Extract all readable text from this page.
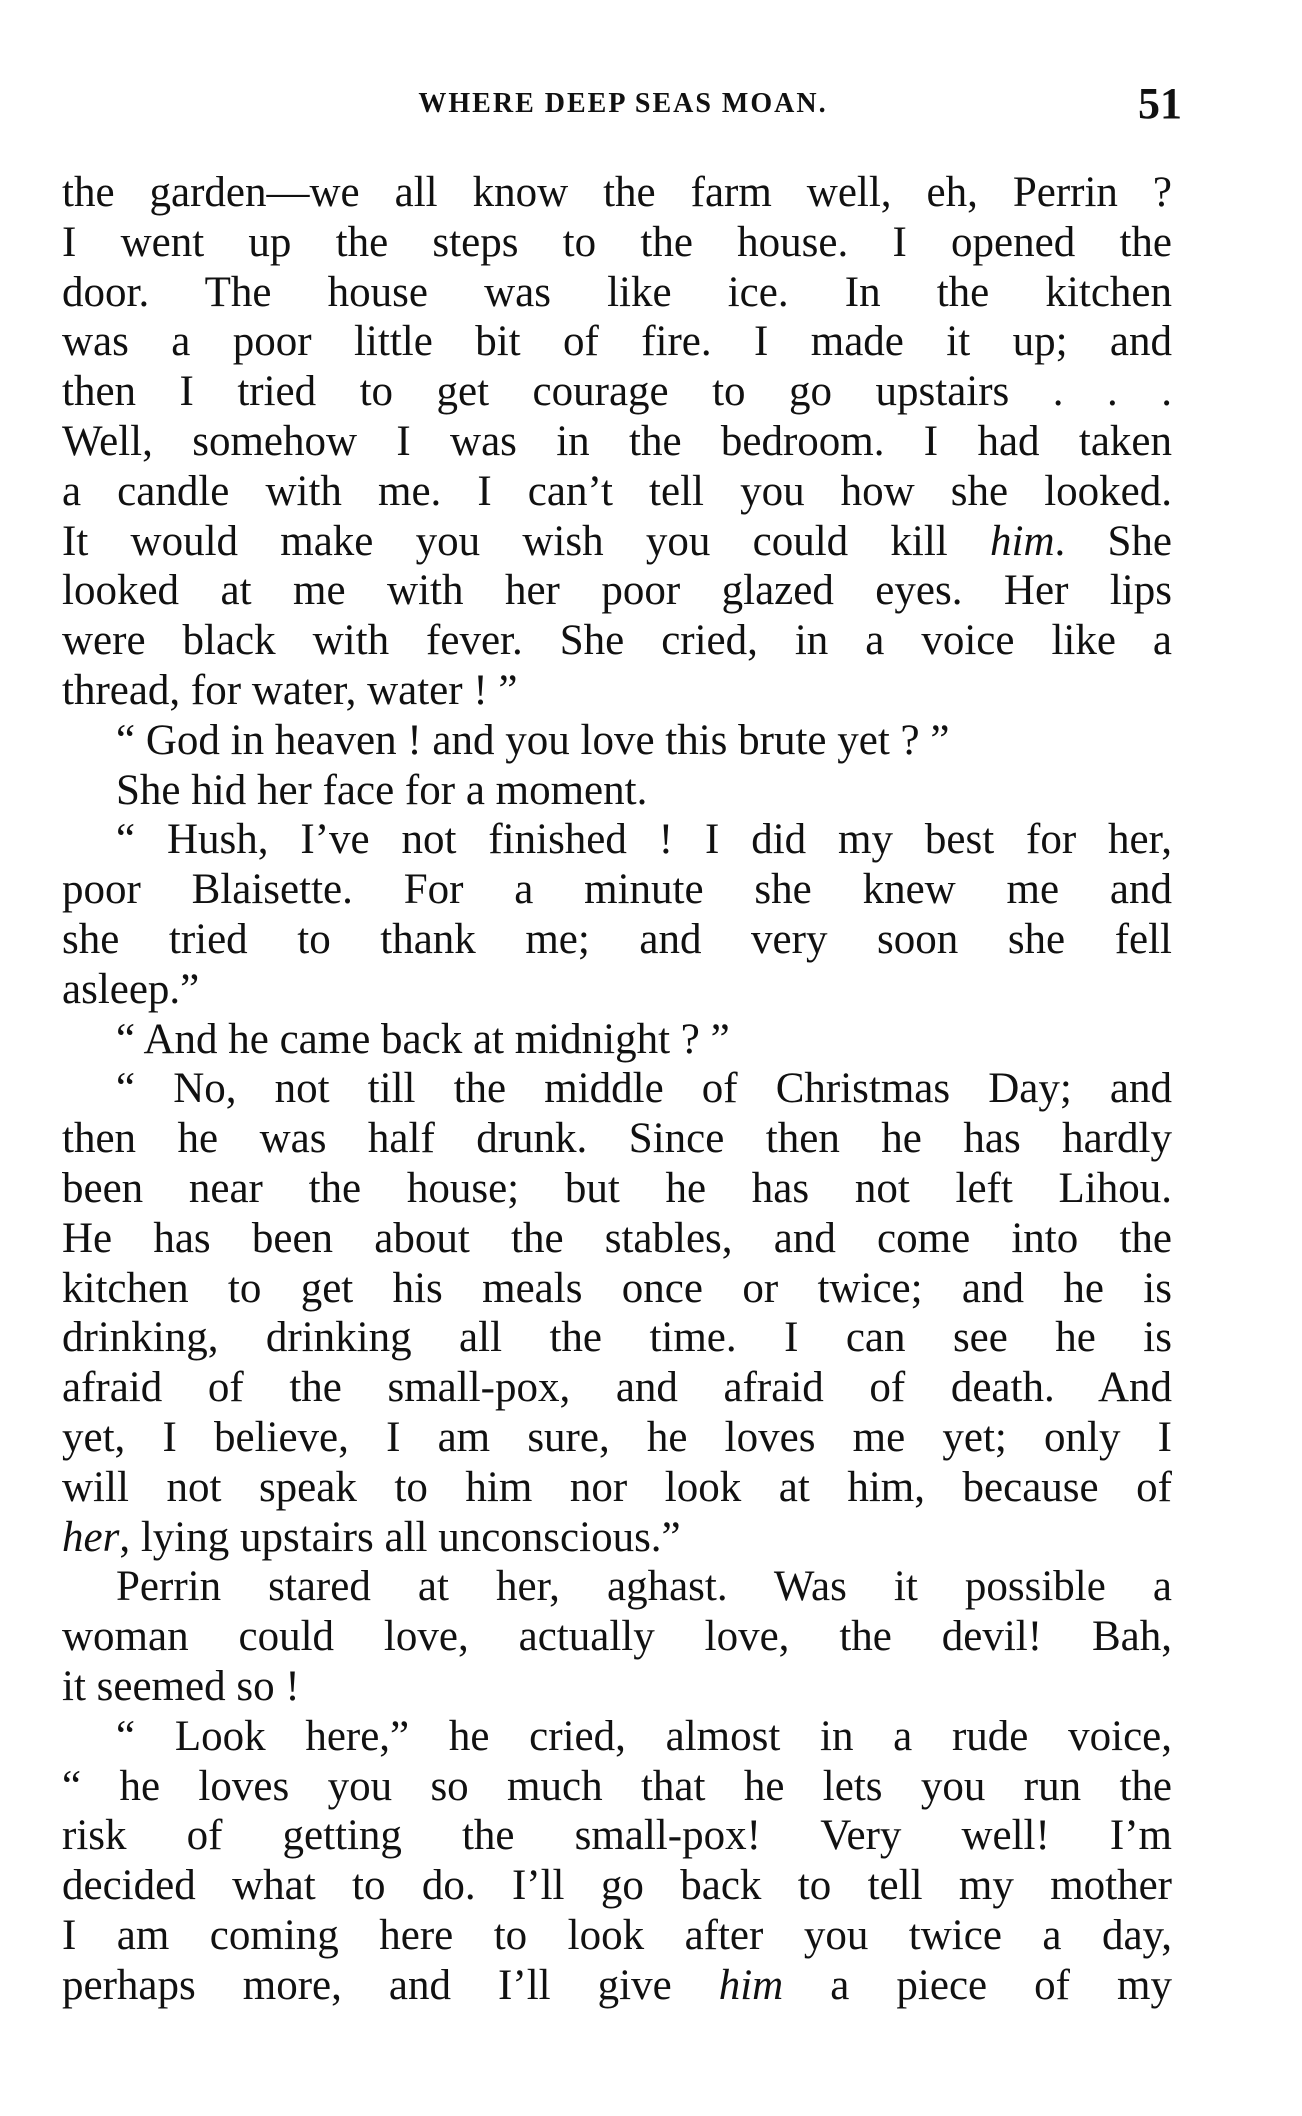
WHERE DEEP SEAS MOAN.	51
the garden—we all know the farm well, eh, Perrin ?
I went up the steps to the house. I opened the
door. The house was like ice. In the kitchen
was a poor little bit of fire. I made it up; and
then I tried to get courage to go upstairs . . .
Well, somehow I was in the bedroom. I had taken
a candle with me. I can’t tell you how she looked.
It would make you wish you could kill him. She
looked at me with her poor glazed eyes. Her lips
were black with fever. She cried, in a voice like a
thread, for water, water ! ”
“ God in heaven ! and you love this brute yet ? ”
She hid her face for a moment.
“ Hush, I’ve not finished ! I did my best for her,
poor Blaisette. For a minute she knew me and
she tried to thank me; and very soon she fell
asleep.”
“ And he came back at midnight ? ”
“ No, not till the middle of Christmas Day; and
then he was half drunk. Since then he has hardly
been near the house; but he has not left Lihou.
He has been about the stables, and come into the
kitchen to get his meals once or twice; and he is
drinking, drinking all the time. I can see he is
afraid of the small-pox, and afraid of death. And
yet, I believe, I am sure, he loves me yet; only I
will not speak to him nor look at him, because of
her, lying upstairs all unconscious.”
Perrin stared at her, aghast. Was it possible a
woman could love, actually love, the devil! Bah,
it seemed so !
“ Look here,” he cried, almost in a rude voice,
“ he loves you so much that he lets you run the
risk of getting the small-pox! Very well! I’m
decided what to do. I’ll go back to tell my mother
I am coming here to look after you twice a day,
perhaps more, and I’ll give him a piece of my
